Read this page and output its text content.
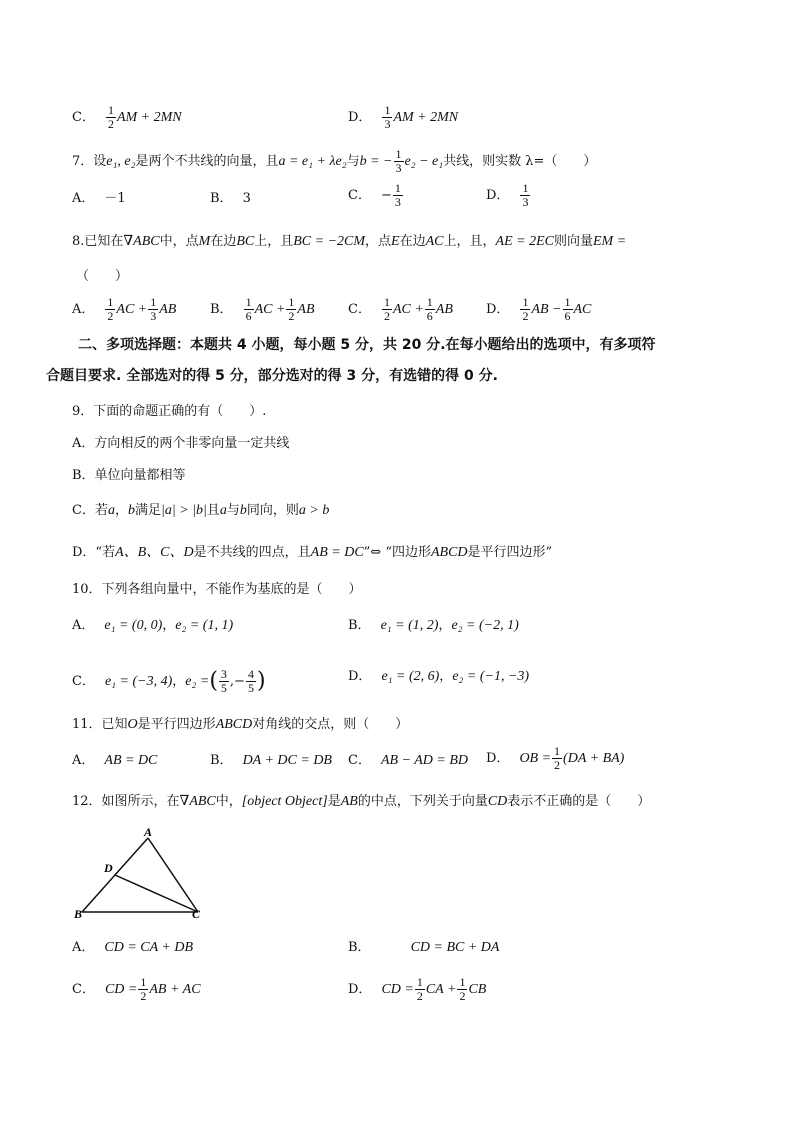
C． $\frac{1}{2}$ AM + 2MN	D． $\frac{1}{3}$ AM + 2MN
7．设e₁, e₂是两个不共线的向量，且a = e₁ + λe₂与b = − $\frac{1}{3} e_2 - e_1$共线，则实数 λ=（　　）
A． －1	B． 3	C． − $\frac{1}{3}$	D． $\frac{1}{3}$
8.已知在∇ABC中，点M在边BC上，且BC = −2CM，点E在边AC上，且，AE = 2EC则向量EM =
（　　）
A． $\frac{1}{2}$ AC + $\frac{1}{3}$ AB	B． $\frac{1}{6}$ AC + $\frac{1}{2}$ AB	C． $\frac{1}{2}$ AC + $\frac{1}{6}$ AB	D． $\frac{1}{2}$ AB − $\frac{1}{6}$ AC
二、多项选择题：本题共 4 小题，每小题 5 分，共 20 分.在每小题给出的选项中，有多项符
合题目要求. 全部选对的得 5 分，部分选对的得 3 分，有选错的得 0 分.
9．下面的命题正确的有（　　）.
A．方向相反的两个非零向量一定共线
B．单位向量都相等
C．若a，b满足|a| > |b|且a与b同向，则a > b
D．“若A、B、C、D是不共线的四点，且AB = DC”⇔ “四边形ABCD是平行四边形”
10．下列各组向量中，不能作为基底的是（　　）
A． e₁ = (0, 0)，e₂ = (1, 1)	B． e₁ = (1, 2)，e₂ = (−2, 1)
C． e₁ = (−3, 4)，e₂ =( $\frac{3}{5}$ ,− $\frac{4}{5}$ )	D． e₁ = (2, 6)，e₂ = (−1, −3)
11．已知O是平行四边形ABCD对角线的交点，则（　　）
A． AB = DC	B． DA + DC = DB C． AB − AD = BD D． OB = $\frac{1}{2} (DA + BA)$
12．如图所示，在∇ABC中，[object Object]是AB的中点，下列关于向量CD表示不正确的是（　　）
A
D
B	C
A． CD = CA + DB	B．	CD = BC + DA
C． CD = $\frac{1}{2}$ AB + AC	D． CD = $\frac{1}{2}$ CA + $\frac{1}{2}$ CB
